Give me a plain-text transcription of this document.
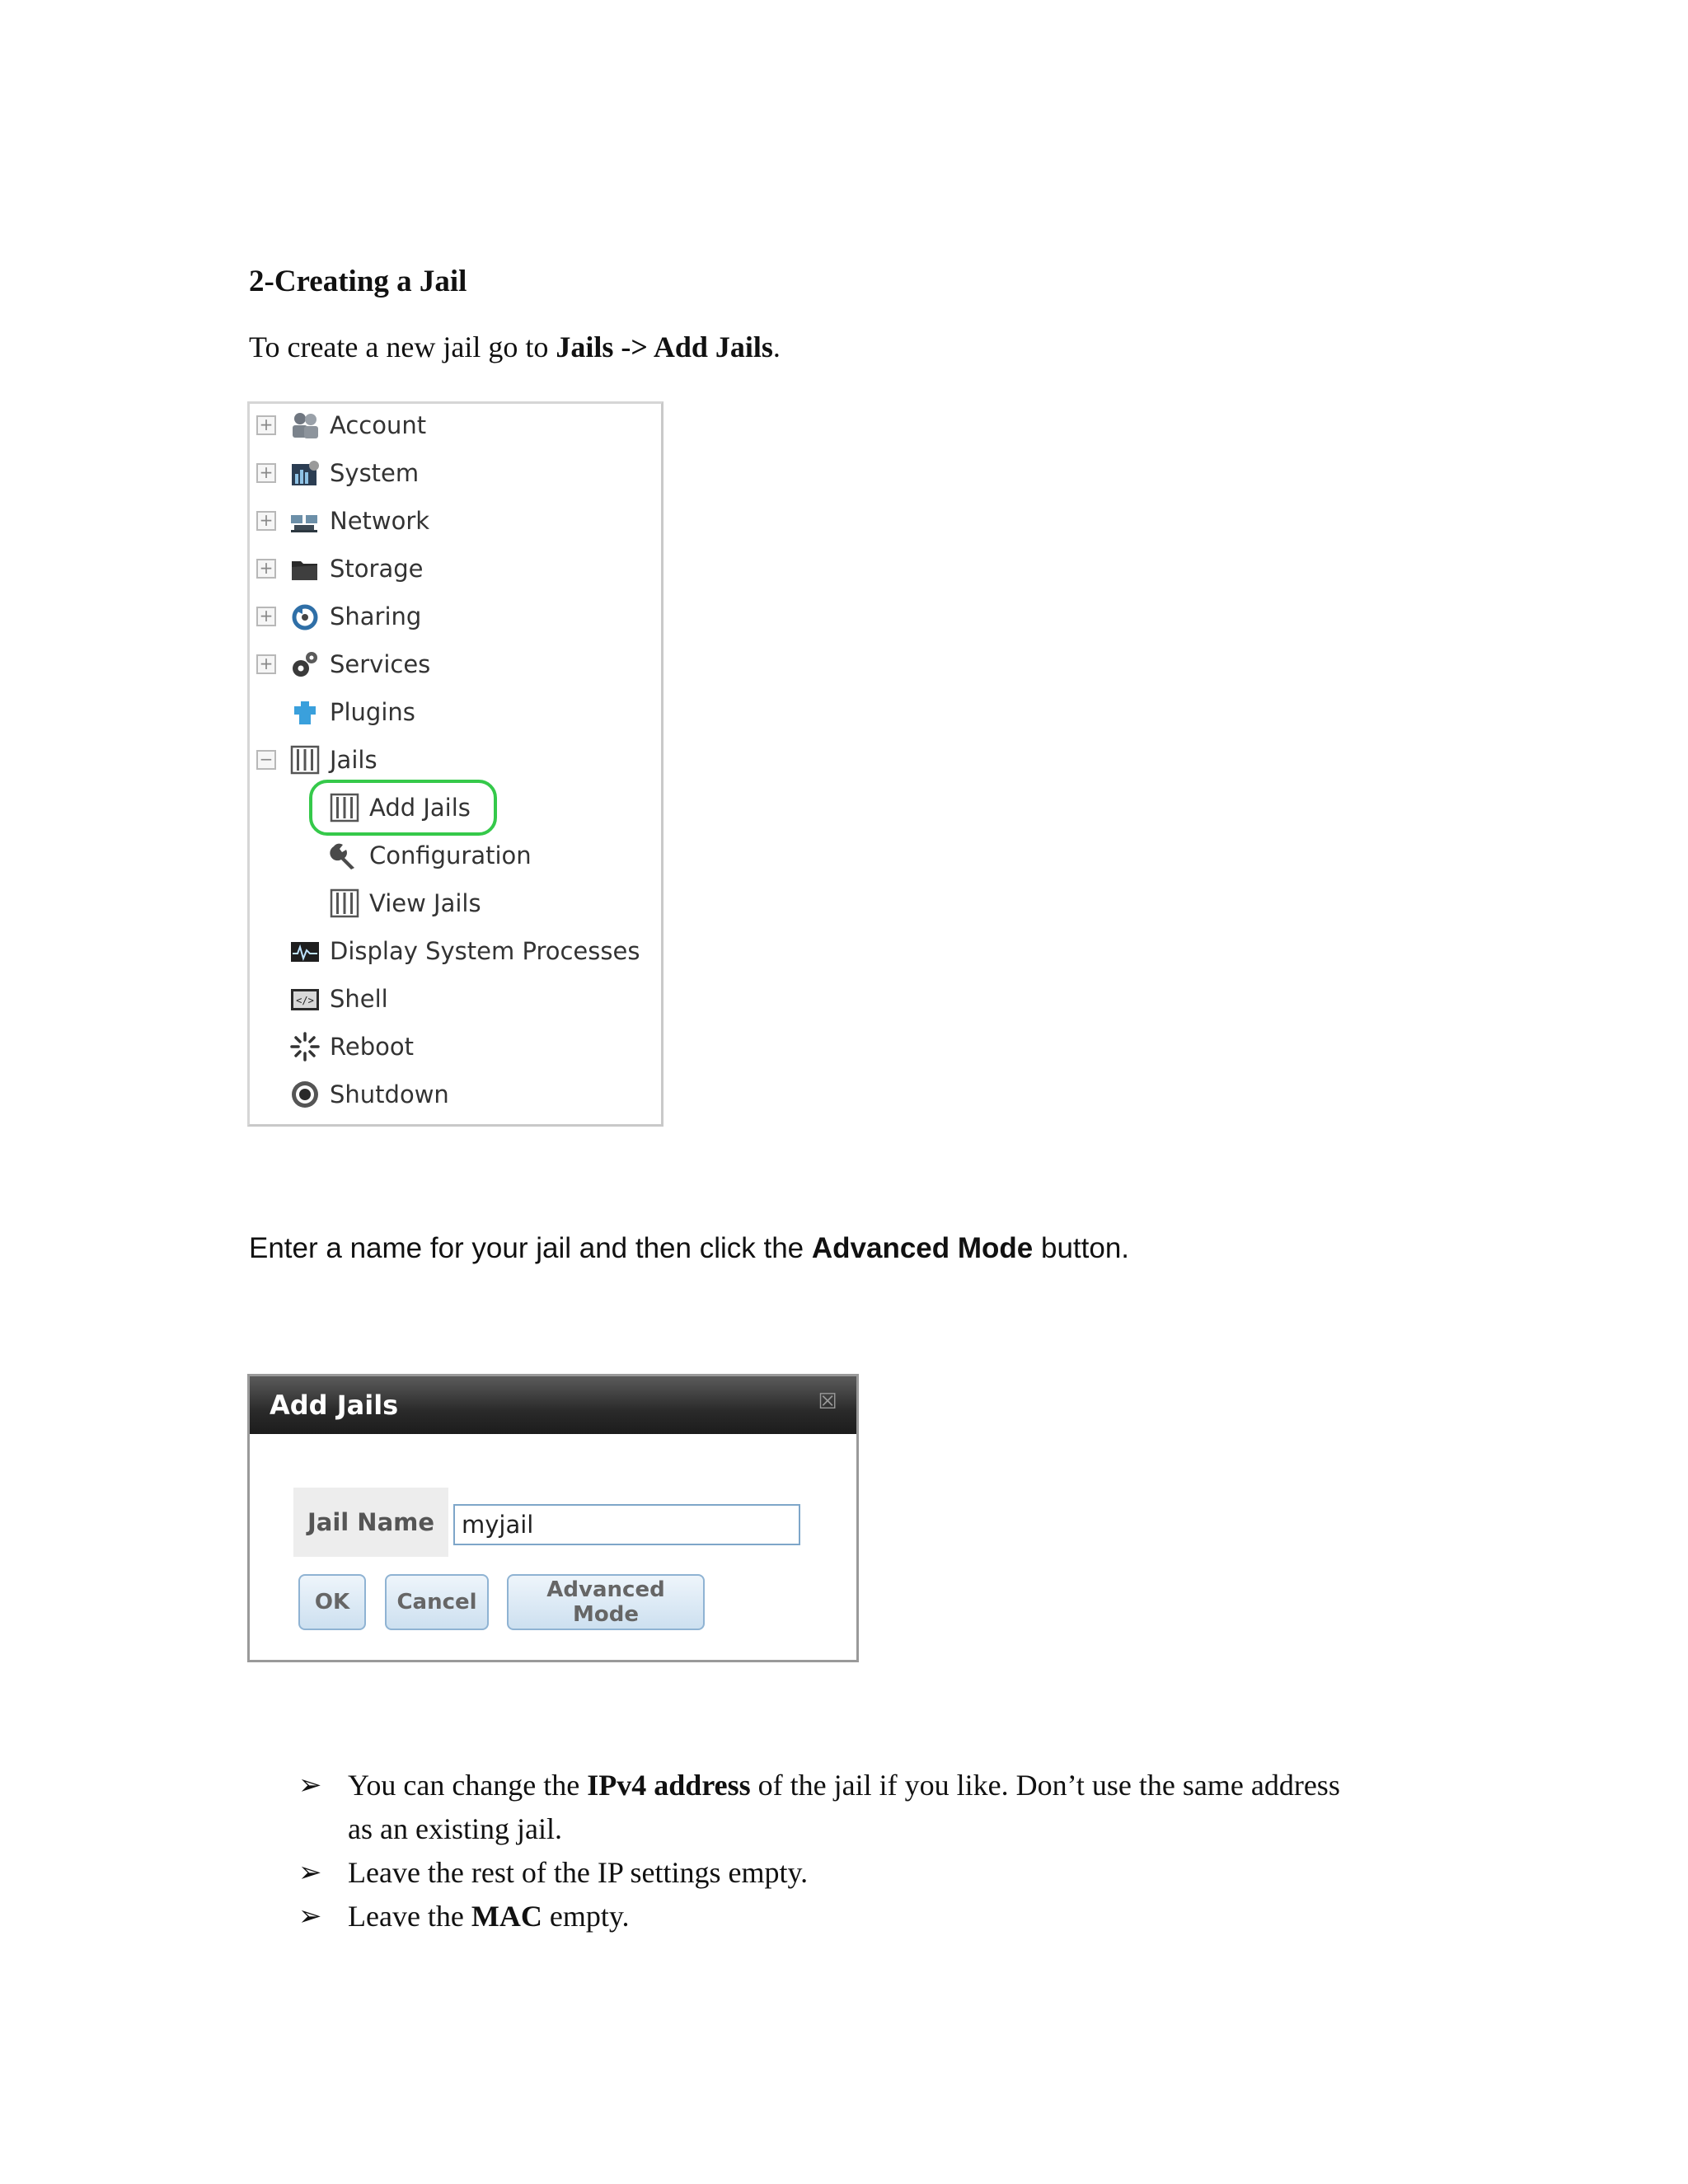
2-Creating a Jail
To create a new jail go to Jails -> Add Jails.
+ Account
+ System
+ Network
+ Storage
+ Sharing
+ Services
Plugins
− Jails
Add Jails
Configuration
View Jails
Display System Processes
</> Shell
Reboot
Shutdown
Enter a name for your jail and then click the Advanced Mode button.
Add Jails	☒
Jail Name
myjail
OK	Cancel	Advanced Mode
➢ You can change the IPv4 address of the jail if you like. Don’t use the same address as an existing jail.
➢ Leave the rest of the IP settings empty.
➢ Leave the MAC empty.
